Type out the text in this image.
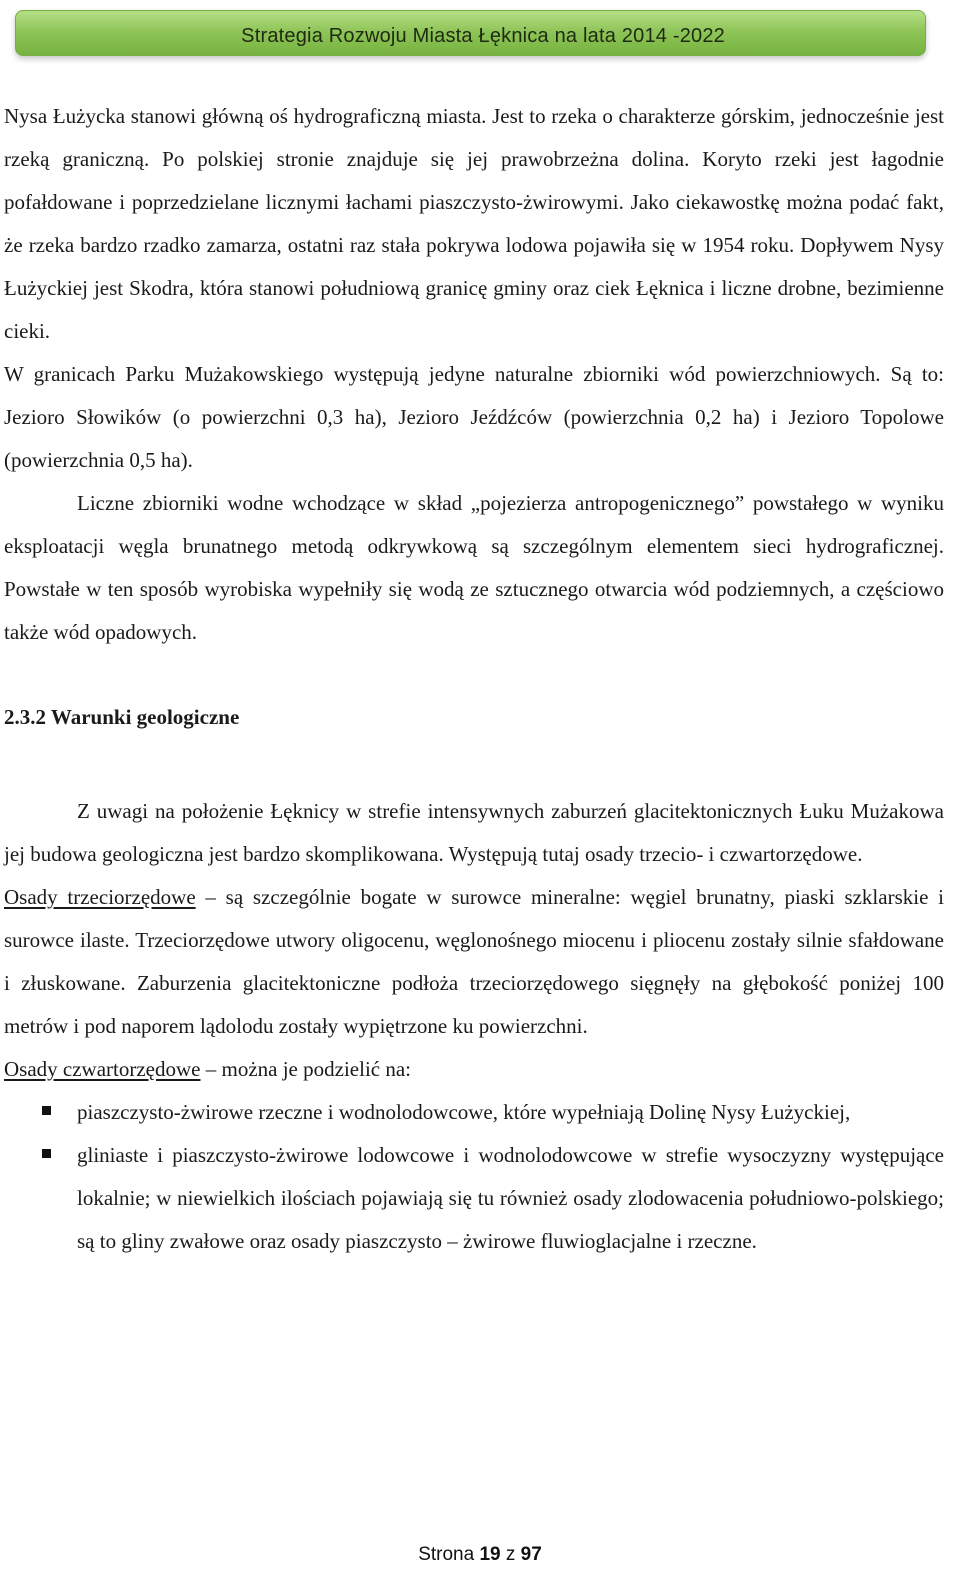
Strategia Rozwoju Miasta Łęknica na lata 2014 -2022

Nysa Łużycka stanowi główną oś hydrograficzną miasta. Jest to rzeka o charakterze górskim, jednocześnie jest rzeką graniczną. Po polskiej stronie znajduje się jej prawobrzeżna dolina. Koryto rzeki jest łagodnie pofałdowane i poprzedzielane licznymi łachami piaszczysto-żwirowymi. Jako ciekawostkę można podać fakt, że rzeka bardzo rzadko zamarza, ostatni raz stała pokrywa lodowa pojawiła się w 1954 roku. Dopływem Nysy Łużyckiej jest Skodra, która stanowi południową granicę gminy oraz ciek Łęknica i liczne drobne, bezimienne cieki.

W granicach Parku Mużakowskiego występują jedyne naturalne zbiorniki wód powierzchniowych. Są to: Jezioro Słowików (o powierzchni 0,3 ha), Jezioro Jeźdźców (powierzchnia 0,2 ha) i Jezioro Topolowe (powierzchnia 0,5 ha).

Liczne zbiorniki wodne wchodzące w skład „pojezierza antropogenicznego” powstałego w wyniku eksploatacji węgla brunatnego metodą odkrywkową są szczególnym elementem sieci hydrograficznej. Powstałe w ten sposób wyrobiska wypełniły się wodą ze sztucznego otwarcia wód podziemnych, a częściowo także wód opadowych.

2.3.2 Warunki geologiczne

Z uwagi na położenie Łęknicy w strefie intensywnych zaburzeń glacitektonicznych Łuku Mużakowa jej budowa geologiczna jest bardzo skomplikowana. Występują tutaj osady trzecio- i czwartorzędowe.

Osady trzeciorzędowe – są szczególnie bogate w surowce mineralne: węgiel brunatny, piaski szklarskie i surowce ilaste. Trzeciorzędowe utwory oligocenu, węglonośnego miocenu i pliocenu zostały silnie sfałdowane i złuskowane. Zaburzenia glacitektoniczne podłoża trzeciorzędowego sięgnęły na głębokość poniżej 100 metrów i pod naporem lądolodu zostały wypiętrzone ku powierzchni.

Osady czwartorzędowe – można je podzielić na:

piaszczysto-żwirowe rzeczne i wodnolodowcowe, które wypełniają Dolinę Nysy Łużyckiej,
gliniaste i piaszczysto-żwirowe lodowcowe i wodnolodowcowe w strefie wysoczyzny występujące lokalnie; w niewielkich ilościach pojawiają się tu również osady zlodowacenia południowo-polskiego; są to gliny zwałowe oraz osady piaszczysto – żwirowe fluwioglacjalne i rzeczne.
Strona 19 z 97
